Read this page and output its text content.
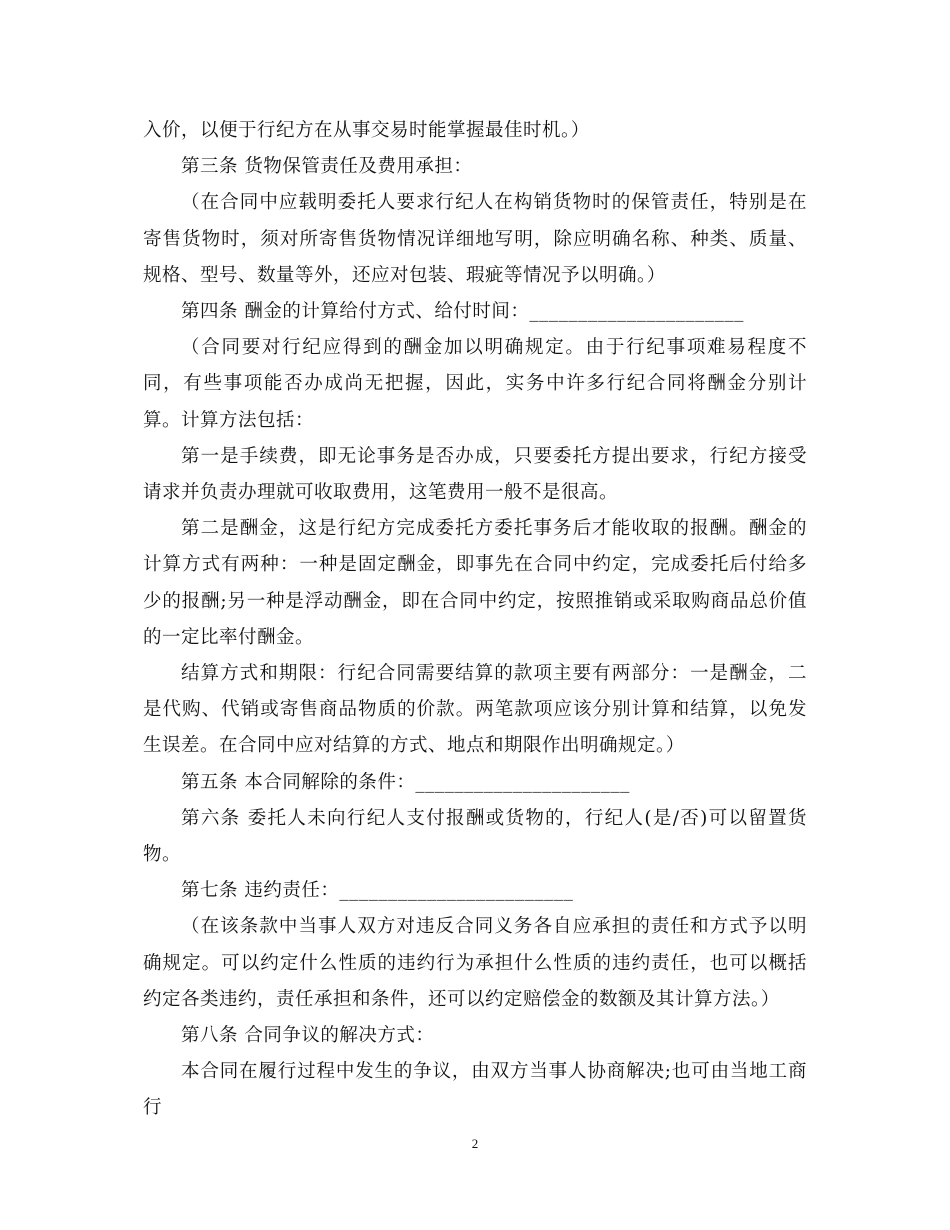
入价，以便于行纪方在从事交易时能掌握最佳时机。）

第三条 货物保管责任及费用承担：

（在合同中应载明委托人要求行纪人在构销货物时的保管责任，特别是在寄售货物时，须对所寄售货物情况详细地写明，除应明确名称、种类、质量、规格、型号、数量等外，还应对包装、瑕疵等情况予以明确。）

第四条 酬金的计算给付方式、给付时间：______________________

（合同要对行纪应得到的酬金加以明确规定。由于行纪事项难易程度不同，有些事项能否办成尚无把握，因此，实务中许多行纪合同将酬金分别计算。计算方法包括：

第一是手续费，即无论事务是否办成，只要委托方提出要求，行纪方接受请求并负责办理就可收取费用，这笔费用一般不是很高。

第二是酬金，这是行纪方完成委托方委托事务后才能收取的报酬。酬金的计算方式有两种：一种是固定酬金，即事先在合同中约定，完成委托后付给多少的报酬;另一种是浮动酬金，即在合同中约定，按照推销或采取购商品总价值的一定比率付酬金。

结算方式和期限：行纪合同需要结算的款项主要有两部分：一是酬金，二是代购、代销或寄售商品物质的价款。两笔款项应该分别计算和结算，以免发生误差。在合同中应对结算的方式、地点和期限作出明确规定。）

第五条 本合同解除的条件：______________________

第六条 委托人未向行纪人支付报酬或货物的，行纪人(是/否)可以留置货物。

第七条 违约责任：________________________

（在该条款中当事人双方对违反合同义务各自应承担的责任和方式予以明确规定。可以约定什么性质的违约行为承担什么性质的违约责任，也可以概括约定各类违约，责任承担和条件，还可以约定赔偿金的数额及其计算方法。）

第八条 合同争议的解决方式：

本合同在履行过程中发生的争议，由双方当事人协商解决;也可由当地工商行

2
